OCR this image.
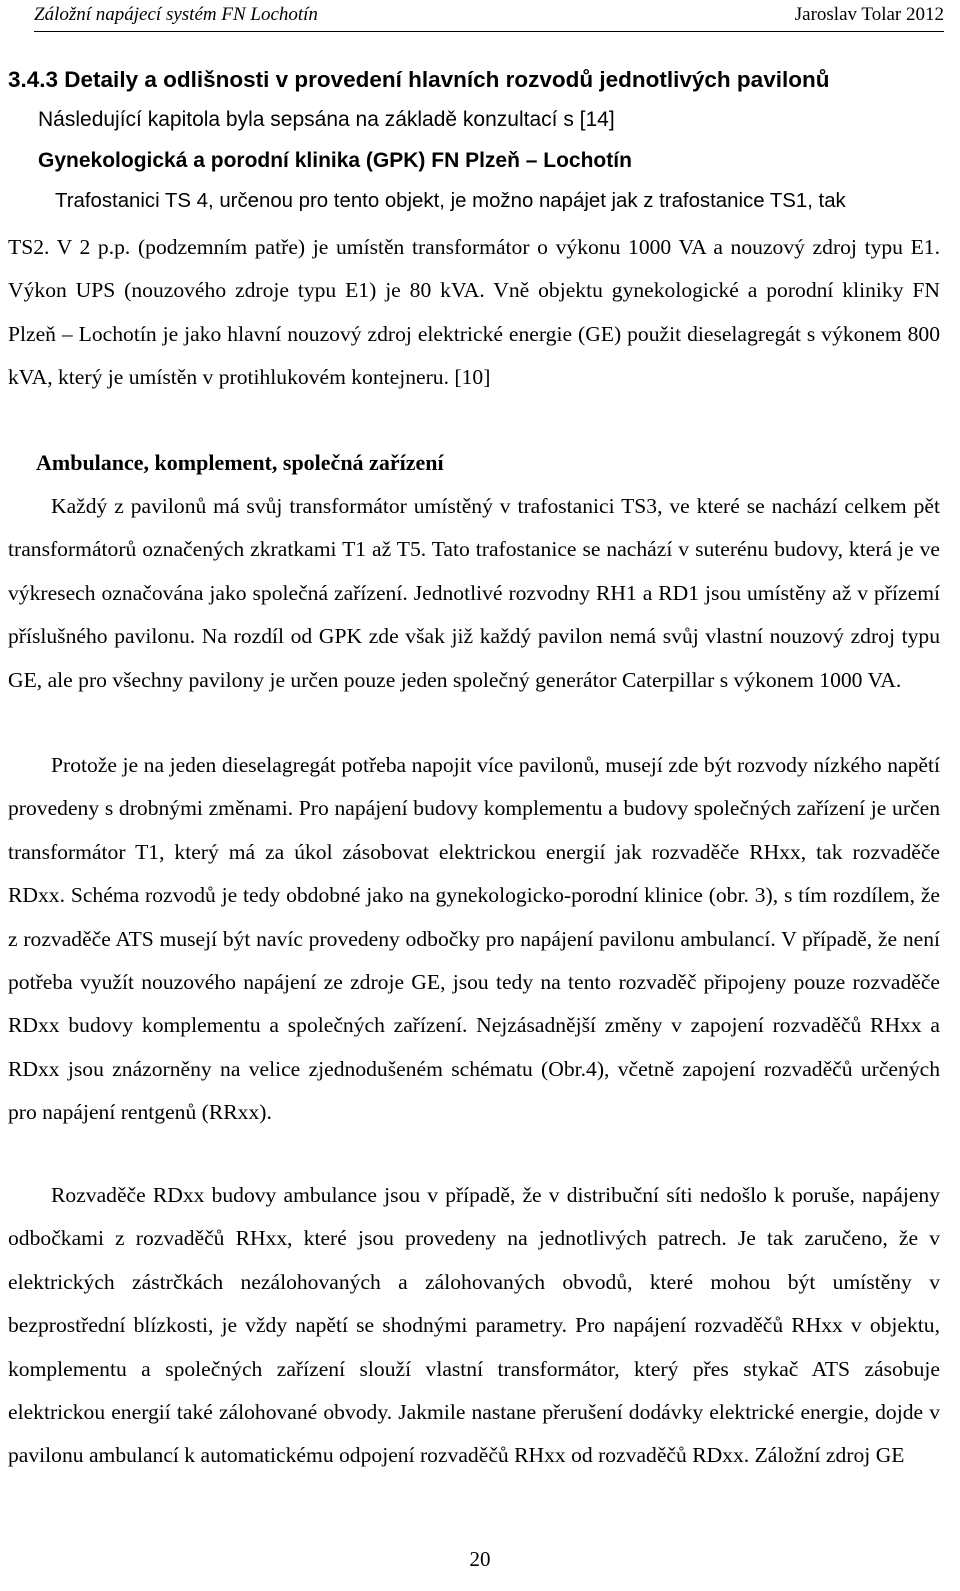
Záložní napájecí systém FN Lochotín	Jaroslav Tolar 2012
3.4.3 Detaily a odlišnosti v provedení hlavních rozvodů jednotlivých pavilonů
Následující kapitola byla sepsána na základě konzultací s [14]
Gynekologická a porodní klinika (GPK) FN Plzeň – Lochotín
Trafostanici TS 4, určenou pro tento objekt, je možno napájet jak z trafostanice TS1, tak

TS2. V 2 p.p. (podzemním patře) je umístěn transformátor o výkonu 1000 VA a nouzový zdroj typu E1. Výkon UPS (nouzového zdroje typu E1) je 80 kVA. Vně objektu gynekologické a porodní kliniky FN Plzeň – Lochotín je jako hlavní nouzový zdroj elektrické energie (GE) použit dieselagregát s výkonem 800 kVA, který je umístěn v protihlukovém kontejneru. [10]

Ambulance, komplement, společná zařízení

Každý z pavilonů má svůj transformátor umístěný v trafostanici TS3, ve které se nachází celkem pět transformátorů označených zkratkami T1 až T5. Tato trafostanice se nachází v suterénu budovy, která je ve výkresech označována jako společná zařízení. Jednotlivé rozvodny RH1 a RD1 jsou umístěny až v přízemí příslušného pavilonu. Na rozdíl od GPK zde však již každý pavilon nemá svůj vlastní nouzový zdroj typu GE, ale pro všechny pavilony je určen pouze jeden společný generátor Caterpillar s výkonem 1000 VA.

Protože je na jeden dieselagregát potřeba napojit více pavilonů, musejí zde být rozvody nízkého napětí provedeny s drobnými změnami. Pro napájení budovy komplementu a budovy společných zařízení je určen transformátor T1, který má za úkol zásobovat elektrickou energií jak rozvaděče RHxx, tak rozvaděče RDxx. Schéma rozvodů je tedy obdobné jako na gynekologicko-porodní klinice (obr. 3), s tím rozdílem, že z rozvaděče ATS musejí být navíc provedeny odbočky pro napájení pavilonu ambulancí. V případě, že není potřeba využít nouzového napájení ze zdroje GE, jsou tedy na tento rozvaděč připojeny pouze rozvaděče RDxx budovy komplementu a společných zařízení. Nejzásadnější změny v zapojení rozvaděčů RHxx a RDxx jsou znázorněny na velice zjednodušeném schématu (Obr.4), včetně zapojení rozvaděčů určených pro napájení rentgenů (RRxx).

Rozvaděče RDxx budovy ambulance jsou v případě, že v distribuční síti nedošlo k poruše, napájeny odbočkami z rozvaděčů RHxx, které jsou provedeny na jednotlivých patrech. Je tak zaručeno, že v elektrických zástrčkách nezálohovaných a zálohovaných obvodů, které mohou být umístěny v bezprostřední blízkosti, je vždy napětí se shodnými parametry. Pro napájení rozvaděčů RHxx v objektu, komplementu a společných zařízení slouží vlastní transformátor, který přes stykač ATS zásobuje elektrickou energií také zálohované obvody. Jakmile nastane přerušení dodávky elektrické energie, dojde v pavilonu ambulancí k automatickému odpojení rozvaděčů RHxx od rozvaděčů RDxx. Záložní zdroj GE

20
